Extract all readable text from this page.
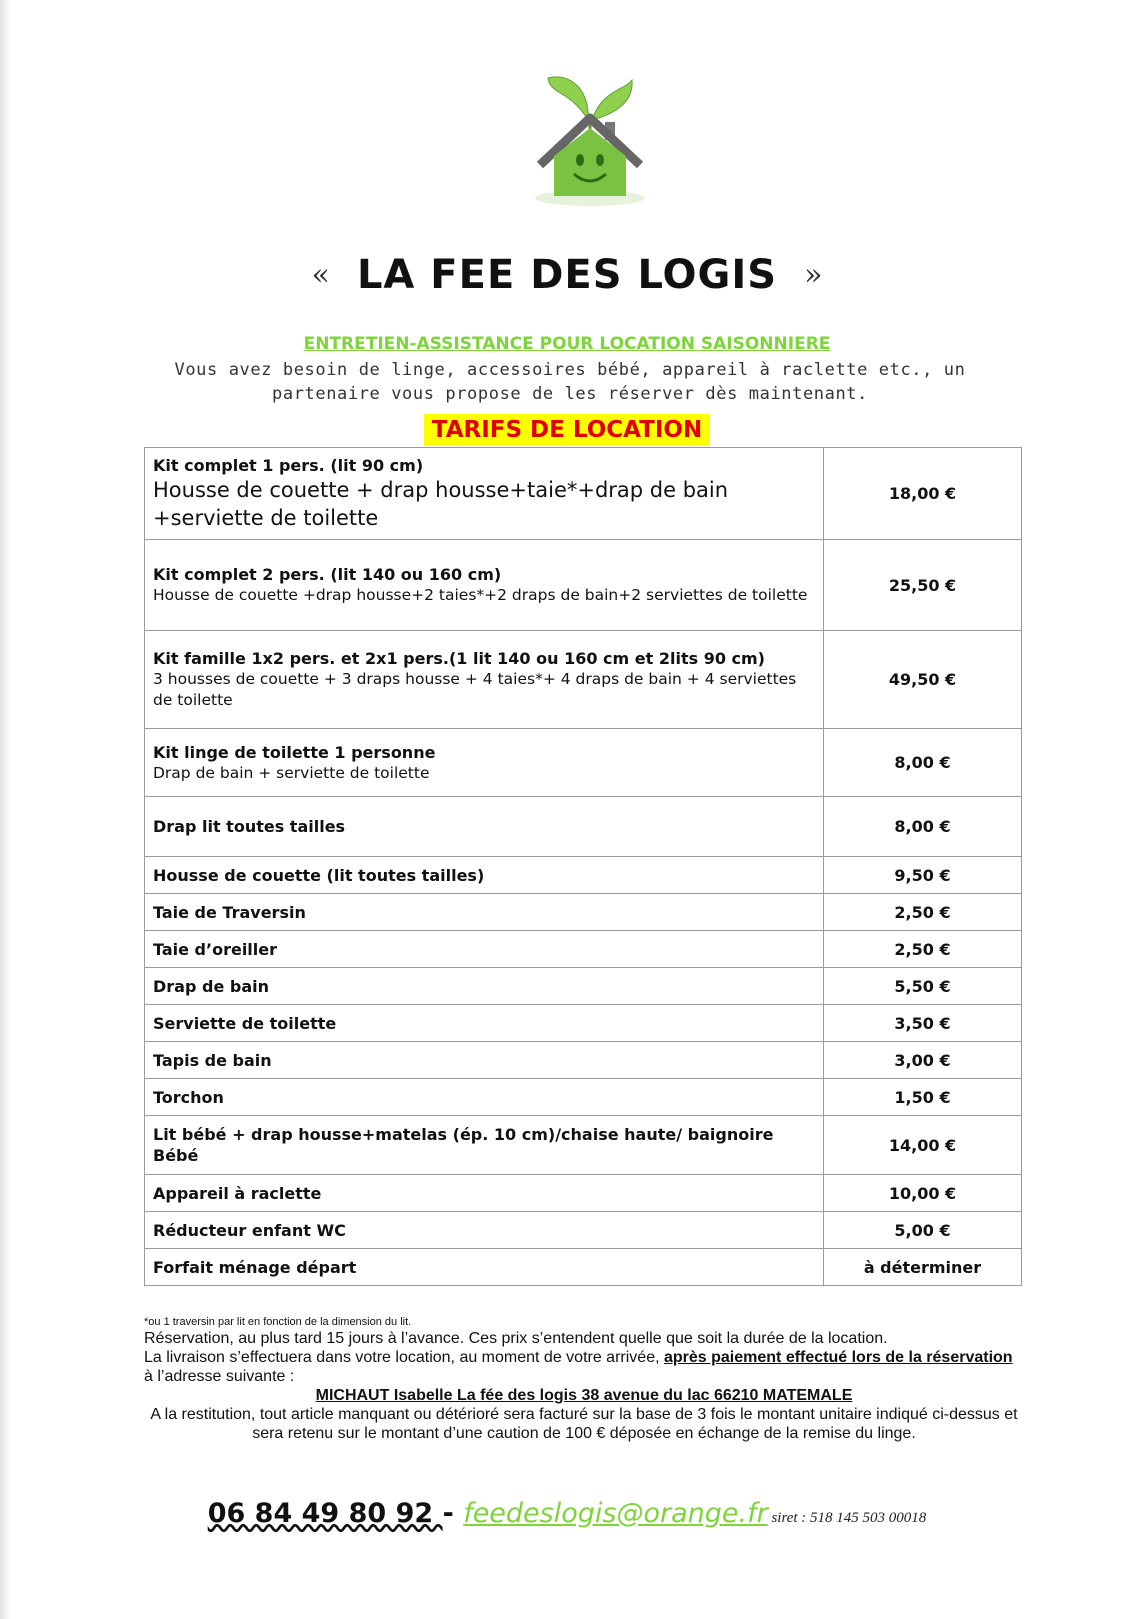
« LA FEE DES LOGIS »
ENTRETIEN-ASSISTANCE POUR LOCATION SAISONNIERE
Vous avez besoin de linge, accessoires bébé, appareil à raclette etc., un partenaire vous propose de les réserver dès maintenant.
TARIFS DE LOCATION
Kit complet 1 pers. (lit 90 cm)
Housse de couette + drap housse+taie*+drap de bain +serviette de toilette	18,00 €

Kit complet 2 pers. (lit 140 ou 160 cm)
Housse de couette +drap housse+2 taies*+2 draps de bain+2 serviettes de toilette	25,50 €

Kit famille 1x2 pers. et 2x1 pers.(1 lit 140 ou 160 cm et 2lits 90 cm)
3 housses de couette + 3 draps housse + 4 taies*+ 4 draps de bain + 4 serviettes de toilette	49,50 €

Kit linge de toilette 1 personne
Drap de bain + serviette de toilette	8,00 €

Drap lit toutes tailles	8,00 €

Housse de couette (lit toutes tailles)	9,50 €

Taie de Traversin	2,50 €

Taie d’oreiller	2,50 €

Drap de bain	5,50 €

Serviette de toilette	3,50 €

Tapis de bain	3,00 €

Torchon	1,50 €

Lit bébé + drap housse+matelas (ép. 10 cm)/chaise haute/ baignoire Bébé	14,00 €

Appareil à raclette	10,00 €

Réducteur enfant WC	5,00 €

Forfait ménage départ	à déterminer
*ou 1 traversin par lit en fonction de la dimension du lit.
Réservation, au plus tard 15 jours à l’avance. Ces prix s’entendent quelle que soit la durée de la location.
La livraison s’effectuera dans votre location, au moment de votre arrivée, après paiement effectué lors de la réservation à l’adresse suivante :
MICHAUT Isabelle La fée des logis 38 avenue du lac 66210 MATEMALE
A la restitution, tout article manquant ou détérioré sera facturé sur la base de 3 fois le montant unitaire indiqué ci-dessus et sera retenu sur le montant d’une caution de 100 € déposée en échange de la remise du linge.
06 84 49 80 92 - feedeslogis@orange.fr siret : 518 145 503 00018
